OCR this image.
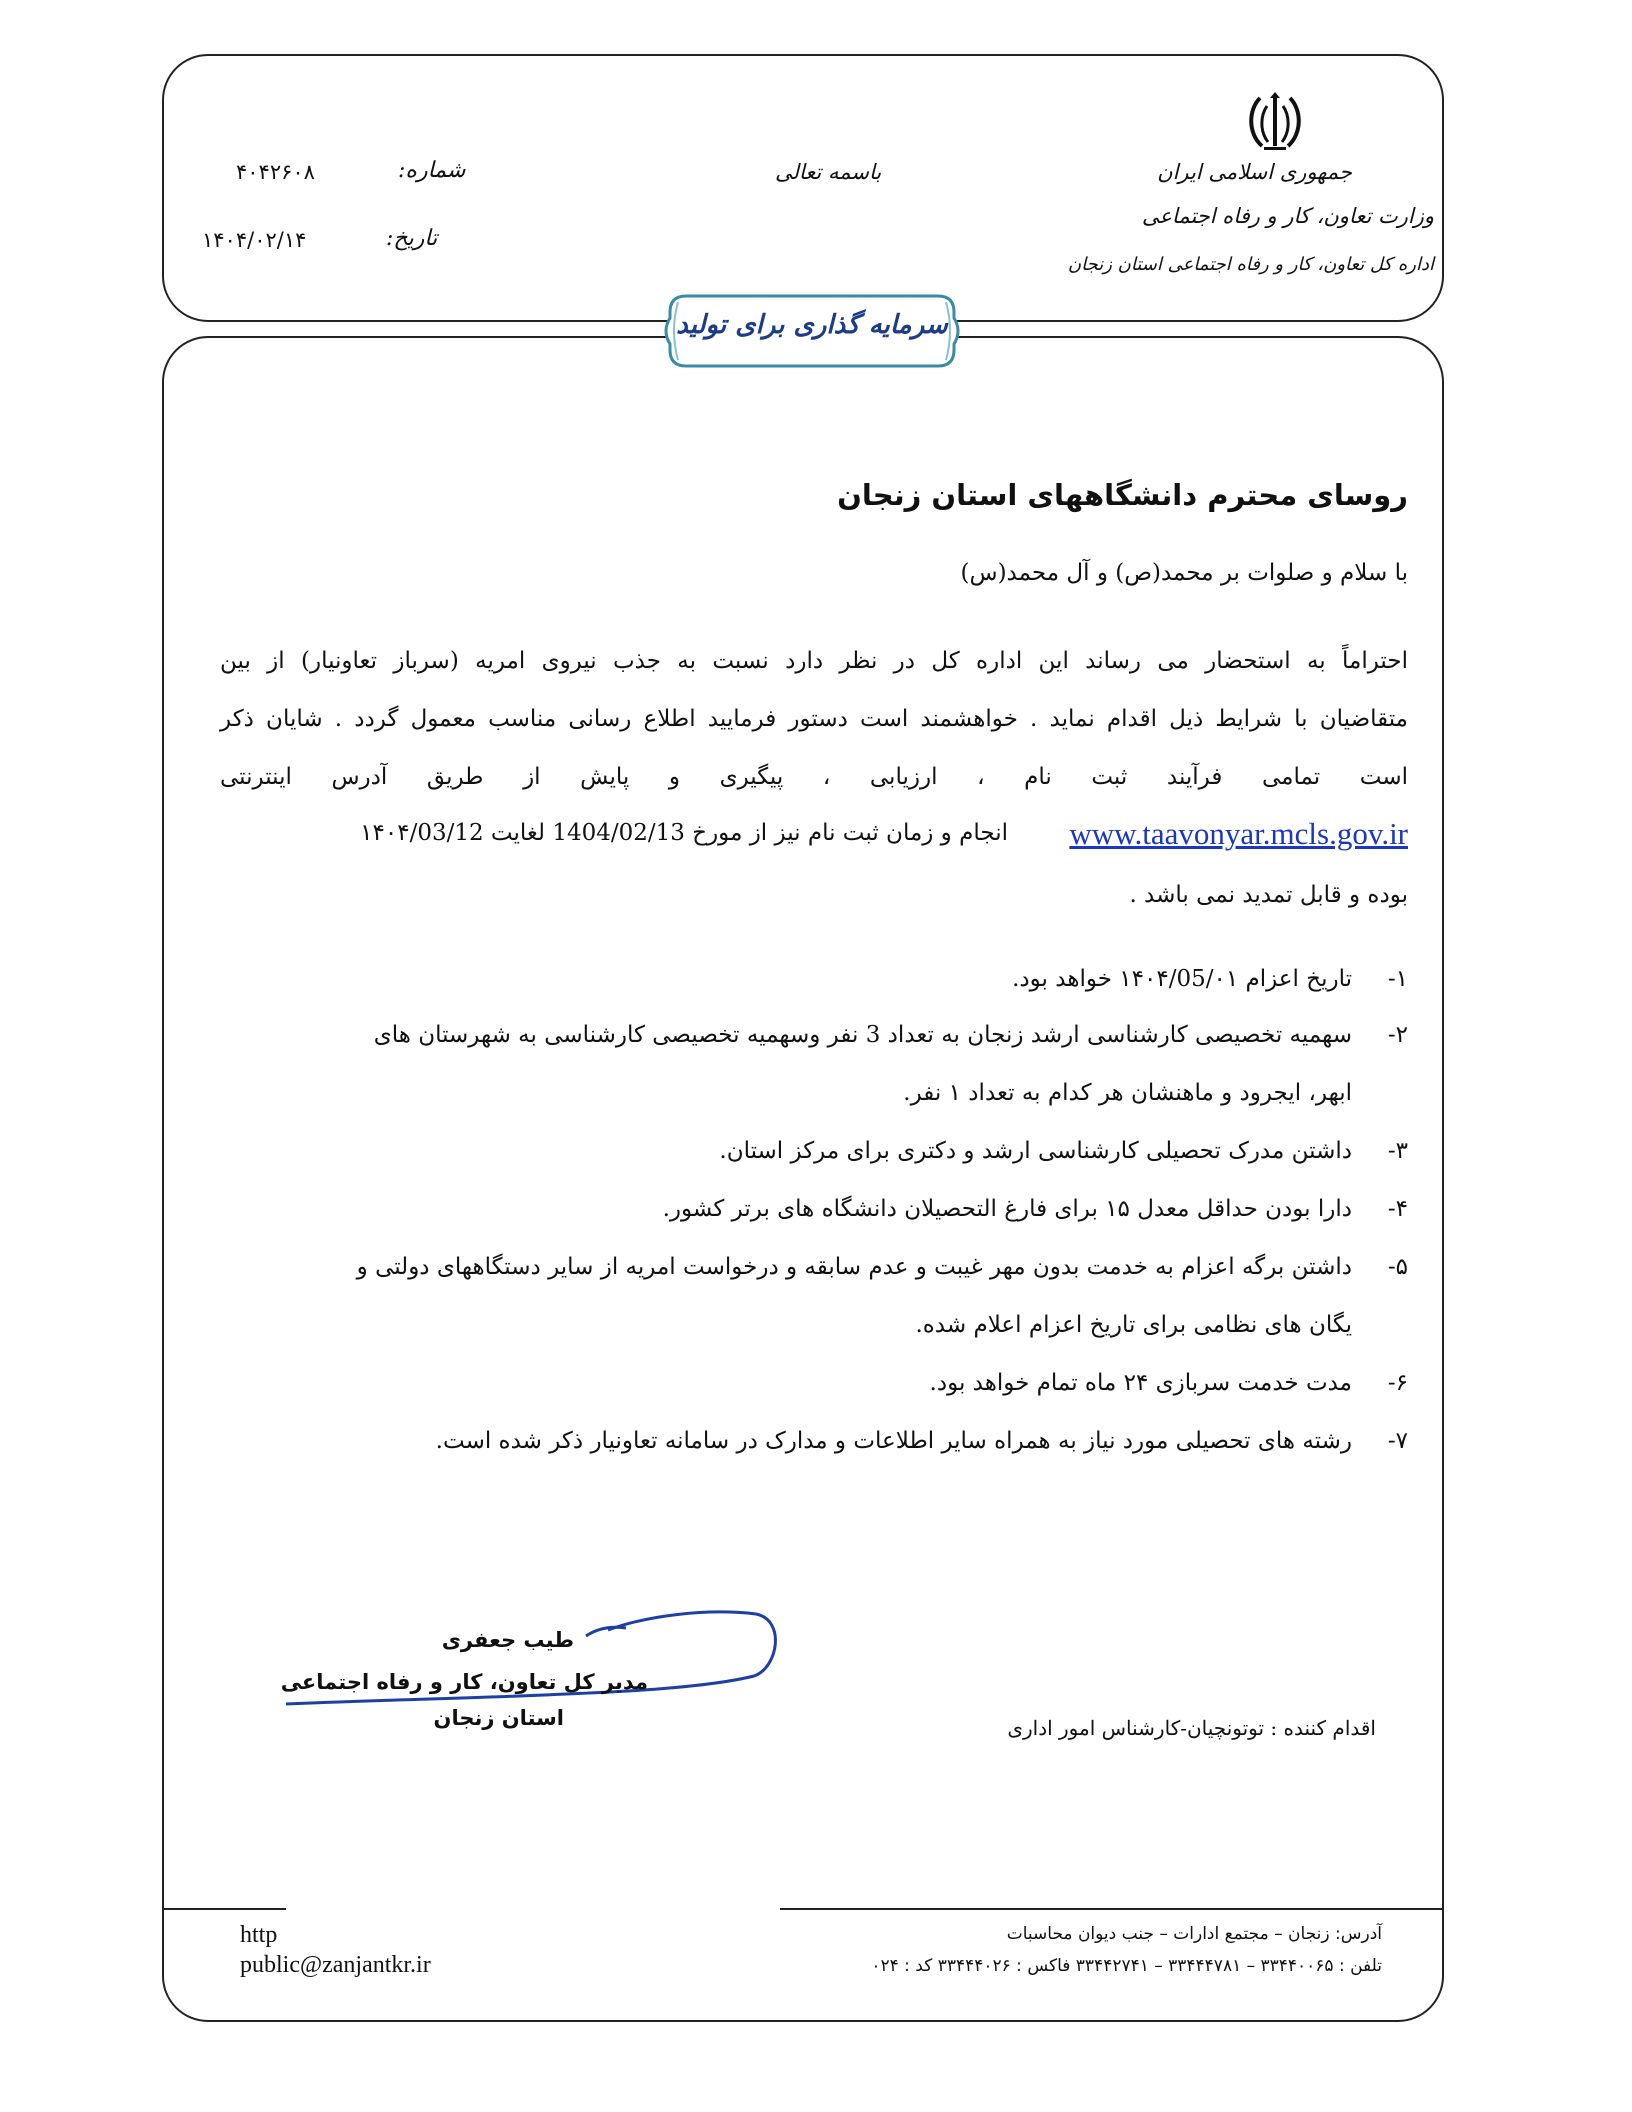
جمهوری اسلامی ایران
وزارت تعاون، کار و رفاه اجتماعی
اداره کل تعاون، کار و رفاه اجتماعی استان زنجان
باسمه تعالی
شماره:
۴۰۴۲۶۰۸
تاریخ:
۱۴۰۴/۰۲/۱۴
سرمایه گذاری برای تولید
روسای محترم دانشگاههای استان زنجان
با سلام و صلوات بر محمد(ص) و آل محمد(س)
احتراماً به استحضار می رساند این اداره کل در نظر دارد نسبت به جذب نیروی امریه (سرباز تعاونیار) از بین
متقاضیان با شرایط ذیل اقدام نماید . خواهشمند است دستور فرمایید اطلاع رسانی مناسب معمول گردد . شایان ذکر
است تمامی فرآیند ثبت نام ، ارزیابی ، پیگیری و پایش از طریق آدرس اینترنتی
www.taavonyar.mcls.gov.ir
انجام و زمان ثبت نام نیز از مورخ 1404/02/13 لغایت ۱۴۰۴/03/12
بوده و قابل تمدید نمی باشد .
۱-تاریخ اعزام ۱۴۰۴/05/۰۱ خواهد بود.
۲-سهمیه تخصیصی کارشناسی ارشد زنجان به تعداد 3 نفر وسهمیه تخصیصی کارشناسی به شهرستان های
ابهر، ایجرود و ماهنشان هر کدام به تعداد ۱ نفر.
۳-داشتن مدرک تحصیلی کارشناسی ارشد و دکتری برای مرکز استان.
۴-دارا بودن حداقل معدل ۱۵ برای فارغ التحصیلان دانشگاه های برتر کشور.
۵-داشتن برگه اعزام به خدمت بدون مهر غیبت و عدم سابقه و درخواست امریه از سایر دستگاههای دولتی و
یگان های نظامی برای تاریخ اعزام اعلام شده.
۶-مدت خدمت سربازی ۲۴ ماه تمام خواهد بود.
۷-رشته های تحصیلی مورد نیاز به همراه سایر اطلاعات و مدارک در سامانه تعاونیار ذکر شده است.
طیب جعفری
مدیر کل تعاون، کار و رفاه اجتماعی
استان زنجان	اقدام کننده : توتونچیان-کارشناس امور اداری
آدرس: زنجان – مجتمع ادارات – جنب دیوان محاسبات
تلفن : ۳۳۴۴۰۰۶۵ – ۳۳۴۴۴۷۸۱ – ۳۳۴۴۲۷۴۱ فاکس : ۳۳۴۴۴۰۲۶ کد : ۰۲۴
http
public@zanjantkr.ir
